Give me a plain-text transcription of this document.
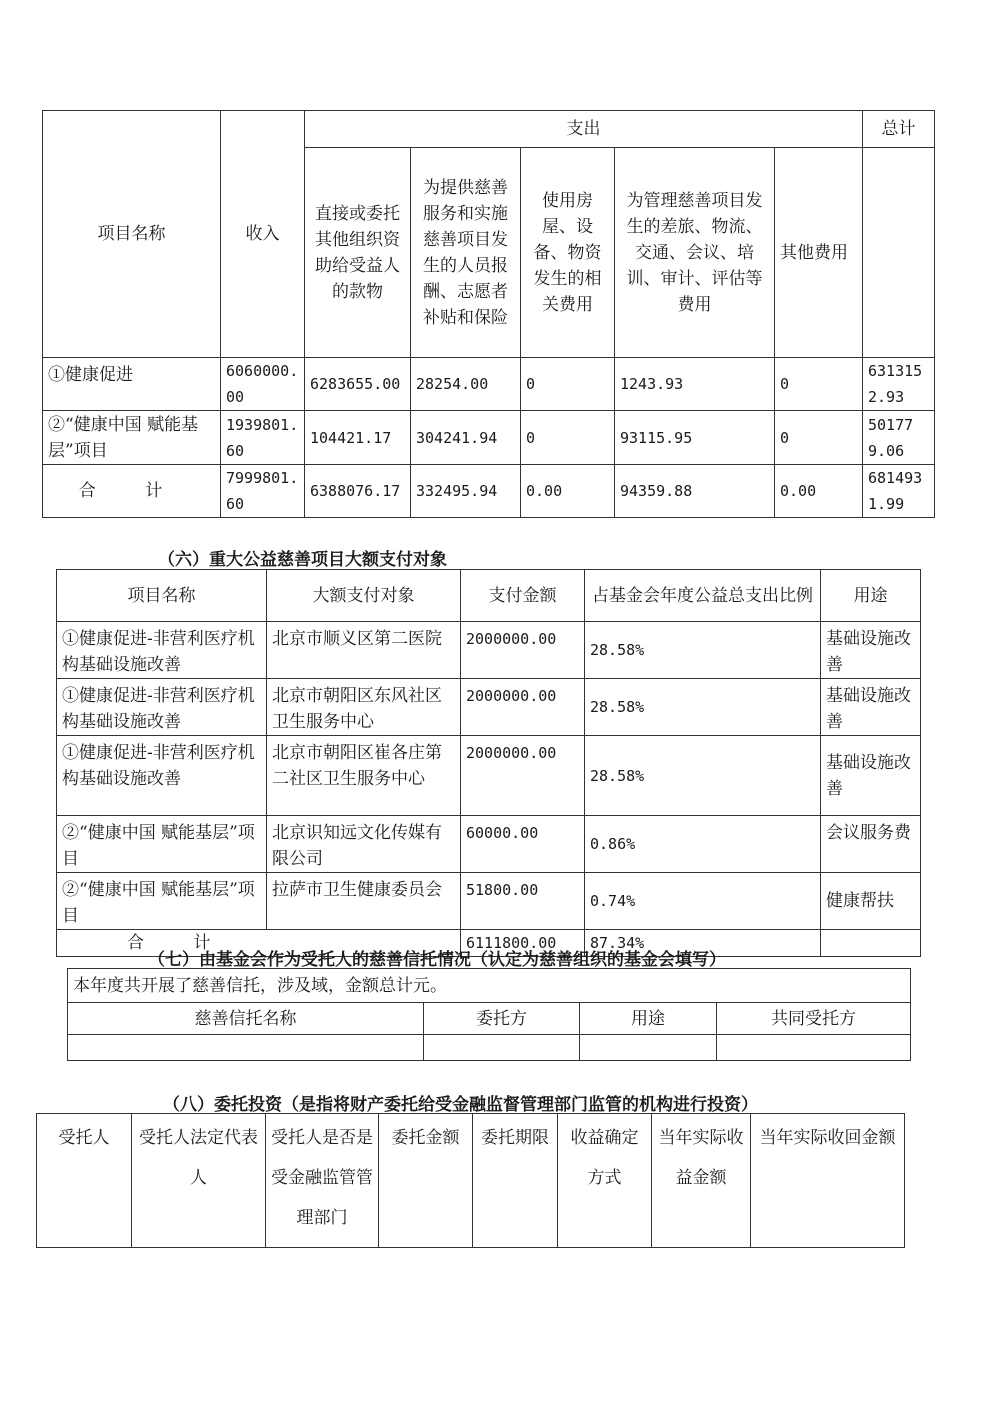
项目名称	收入	支出					总计
		直接或委托其他组织资助给受益人的款物	为提供慈善服务和实施慈善项目发生的人员报酬、志愿者补贴和保险	使用房屋、设备、物资发生的相关费用	为管理慈善项目发生的差旅、物流、交通、会议、培训、审计、评估等费用	其他费用	
①健康促进	6060000.00	6283655.00	28254.00	0	1243.93	0	6313152.93
②“健康中国 赋能基层”项目	1939801.60	104421.17	304241.94	0	93115.95	0	501779.06
合 计	7999801.60	6388076.17	332495.94	0.00	94359.88	0.00	6814931.99
（六）重大公益慈善项目大额支付对象
项目名称	大额支付对象	支付金额	占基金会年度公益总支出比例	用途
①健康促进-非营利医疗机构基础设施改善	北京市顺义区第二医院	2000000.00	28.58%	基础设施改善
①健康促进-非营利医疗机构基础设施改善	北京市朝阳区东风社区卫生服务中心	2000000.00	28.58%	基础设施改善
①健康促进-非营利医疗机构基础设施改善	北京市朝阳区崔各庄第二社区卫生服务中心	2000000.00	28.58%	基础设施改善
②“健康中国 赋能基层”项目	北京识知远文化传媒有限公司	60000.00	0.86%	会议服务费
②“健康中国 赋能基层”项目	拉萨市卫生健康委员会	51800.00	0.74%	健康帮扶
合 计		6111800.00	87.34%	
（七）由基金会作为受托人的慈善信托情况（认定为慈善组织的基金会填写）
本年度共开展了慈善信托，涉及域，金额总计元。			
慈善信托名称	委托方	用途	共同受托方

（八）委托投资（是指将财产委托给受金融监督管理部门监管的机构进行投资）
受托人	受托人法定代表人	受托人是否是受金融监管管理部门	委托金额	委托期限	收益确定方式	当年实际收益金额	当年实际收回金额
